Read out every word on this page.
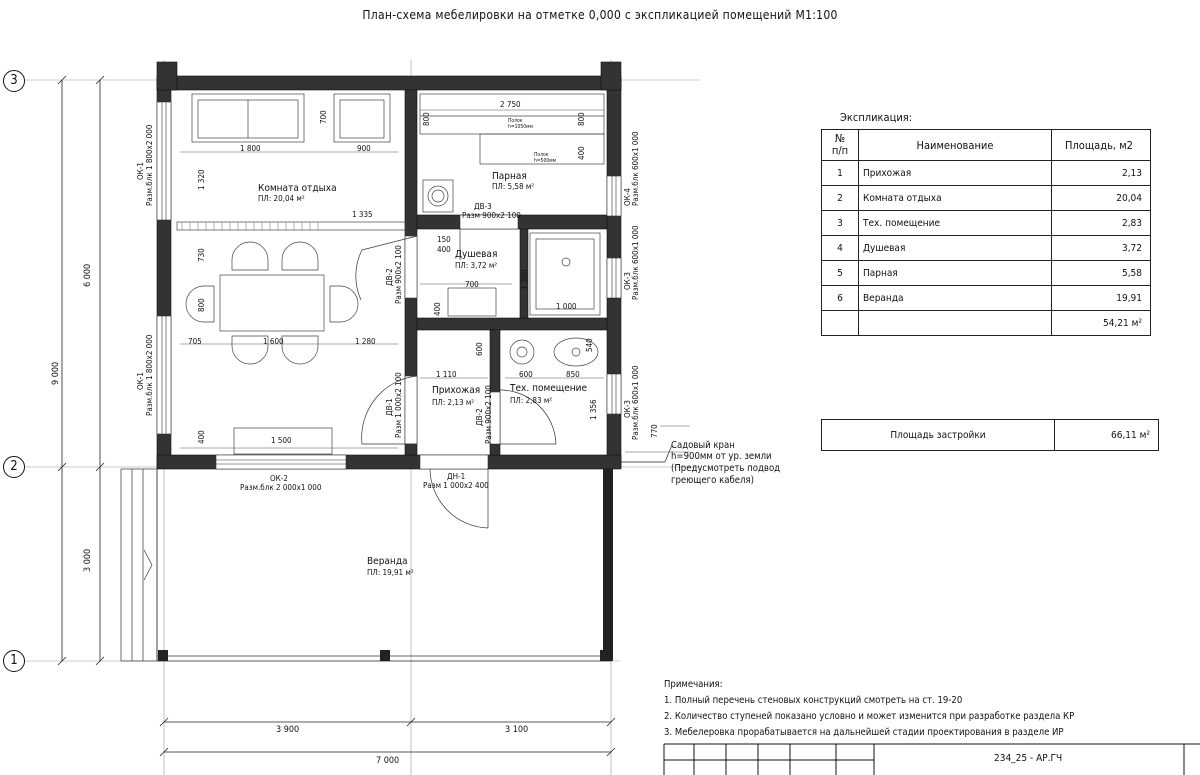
План-схема мебелировки на отметке 0,000 с экспликацией помещений М1:100
3
2
1
6 000
9 000
3 000
3 900	3 100
7 000
Комната отдыха
ПЛ: 20,04 м²
Парная
ПЛ: 5,58 м²
Душевая
ПЛ: 3,72 м²
Прихожая
ПЛ: 2,13 м²
Тех. помещение
ПЛ: 2,83 м²
Веранда
ПЛ: 19,91 м²
Полок
h=1050мм
Полок
h=500мм
2 750
1 800	900
700	800	800
400
1 320
1 335
150
400
730
800
700	1 300
400	1 000
705	1 600	1 280
600
1 110	600	850
540
1 356
400	1 500
770
ДВ-3
Разм 900x2 100
ДВ-2 Разм 900x2 100
ДВ-1 Разм 1 000x2 100	ДВ-2 Разм 900x2 100
ДН-1
Разм 1 000x2 400
ОК-1 Разм.блк 1 800x2 000
ОК-1 Разм.блк 1 800x2 000
ОК-2
Разм.блк 2 000x1 000
ОК-4 Разм.блк 600x1 000
ОК-3 Разм.блк 600x1 000
ОК-3 Разм.блк 600x1 000
Садовый кран
h=900мм от ур. земли
(Предусмотреть подвод
греющего кабеля)
Экспликация:
№
п/п	Наименование	Площадь, м2
1	Прихожая	2,13
2	Комната отдыха	20,04
3	Тех. помещение	2,83
4	Душевая	3,72
5	Парная	5,58
6	Веранда	19,91
		54,21 м²
Площадь застройки	66,11 м²
Примечания:
1. Полный перечень стеновых конструкций смотреть на ст. 19-20
2. Количество ступеней показано условно и может изменится при разработке раздела КР
3. Мебелеровка прорабатывается на дальнейшей стадии проектирования в разделе ИР
234_25 - АР.ГЧ
